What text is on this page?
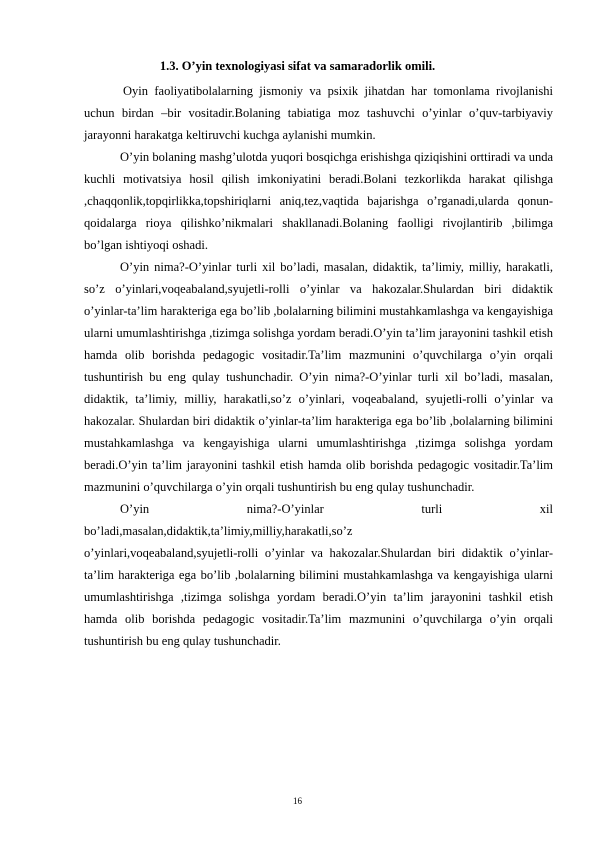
1.3. O’yin texnologiyasi sifat va samaradorlik omili.

Oyin faoliyatibolalarning jismoniy va psixik jihatdan har tomonlama rivojlanishi uchun birdan –bir vositadir.Bolaning tabiatiga moz tashuvchi o’yinlar o’quv-tarbiyaviy jarayonni harakatga keltiruvchi kuchga aylanishi mumkin.

O’yin bolaning mashg’ulotda yuqori bosqichga erishishga qiziqishini orttiradi va unda kuchli motivatsiya hosil qilish imkoniyatini beradi.Bolani tezkorlikda harakat qilishga ,chaqqonlik,topqirlikka,topshiriqlarni aniq,tez,vaqtida bajarishga o’rganadi,ularda qonun-qoidalarga rioya qilishko’nikmalari shakllanadi.Bolaning faolligi rivojlantirib ,bilimga bo’lgan ishtiyoqi oshadi.

O’yin nima?-O’yinlar turli xil bo’ladi, masalan, didaktik, ta’limiy, milliy, harakatli, so’z o’yinlari,voqeabaland,syujetli-rolli o’yinlar va hakozalar.Shulardan biri didaktik o’yinlar-ta’lim harakteriga ega bo’lib ,bolalarning bilimini mustahkamlashga va kengayishiga ularni umumlashtirishga ,tizimga solishga yordam beradi.O’yin ta’lim jarayonini tashkil etish hamda olib borishda pedagogic vositadir.Ta’lim mazmunini o’quvchilarga o’yin orqali tushuntirish bu eng qulay tushunchadir. O’yin nima?-O’yinlar turli xil bo’ladi, masalan, didaktik, ta’limiy, milliy, harakatli,so’z o’yinlari, voqeabaland, syujetli-rolli o’yinlar va hakozalar. Shulardan biri didaktik o’yinlar-ta’lim harakteriga ega bo’lib ,bolalarning bilimini mustahkamlashga va kengayishiga ularni umumlashtirishga ,tizimga solishga yordam beradi.O’yin ta’lim jarayonini tashkil etish hamda olib borishda pedagogic vositadir.Ta’lim mazmunini o’quvchilarga o’yin orqali tushuntirish bu eng qulay tushunchadir.

O’yin nima?-O’yinlar turli xil

bo’ladi,masalan,didaktik,ta’limiy,milliy,harakatli,so’z

o’yinlari,voqeabaland,syujetli-rolli o’yinlar va hakozalar.Shulardan biri didaktik o’yinlar-ta’lim harakteriga ega bo’lib ,bolalarning bilimini mustahkamlashga va kengayishiga ularni umumlashtirishga ,tizimga solishga yordam beradi.O’yin ta’lim jarayonini tashkil etish hamda olib borishda pedagogic vositadir.Ta’lim mazmunini o’quvchilarga o’yin orqali tushuntirish bu eng qulay tushunchadir.

16
